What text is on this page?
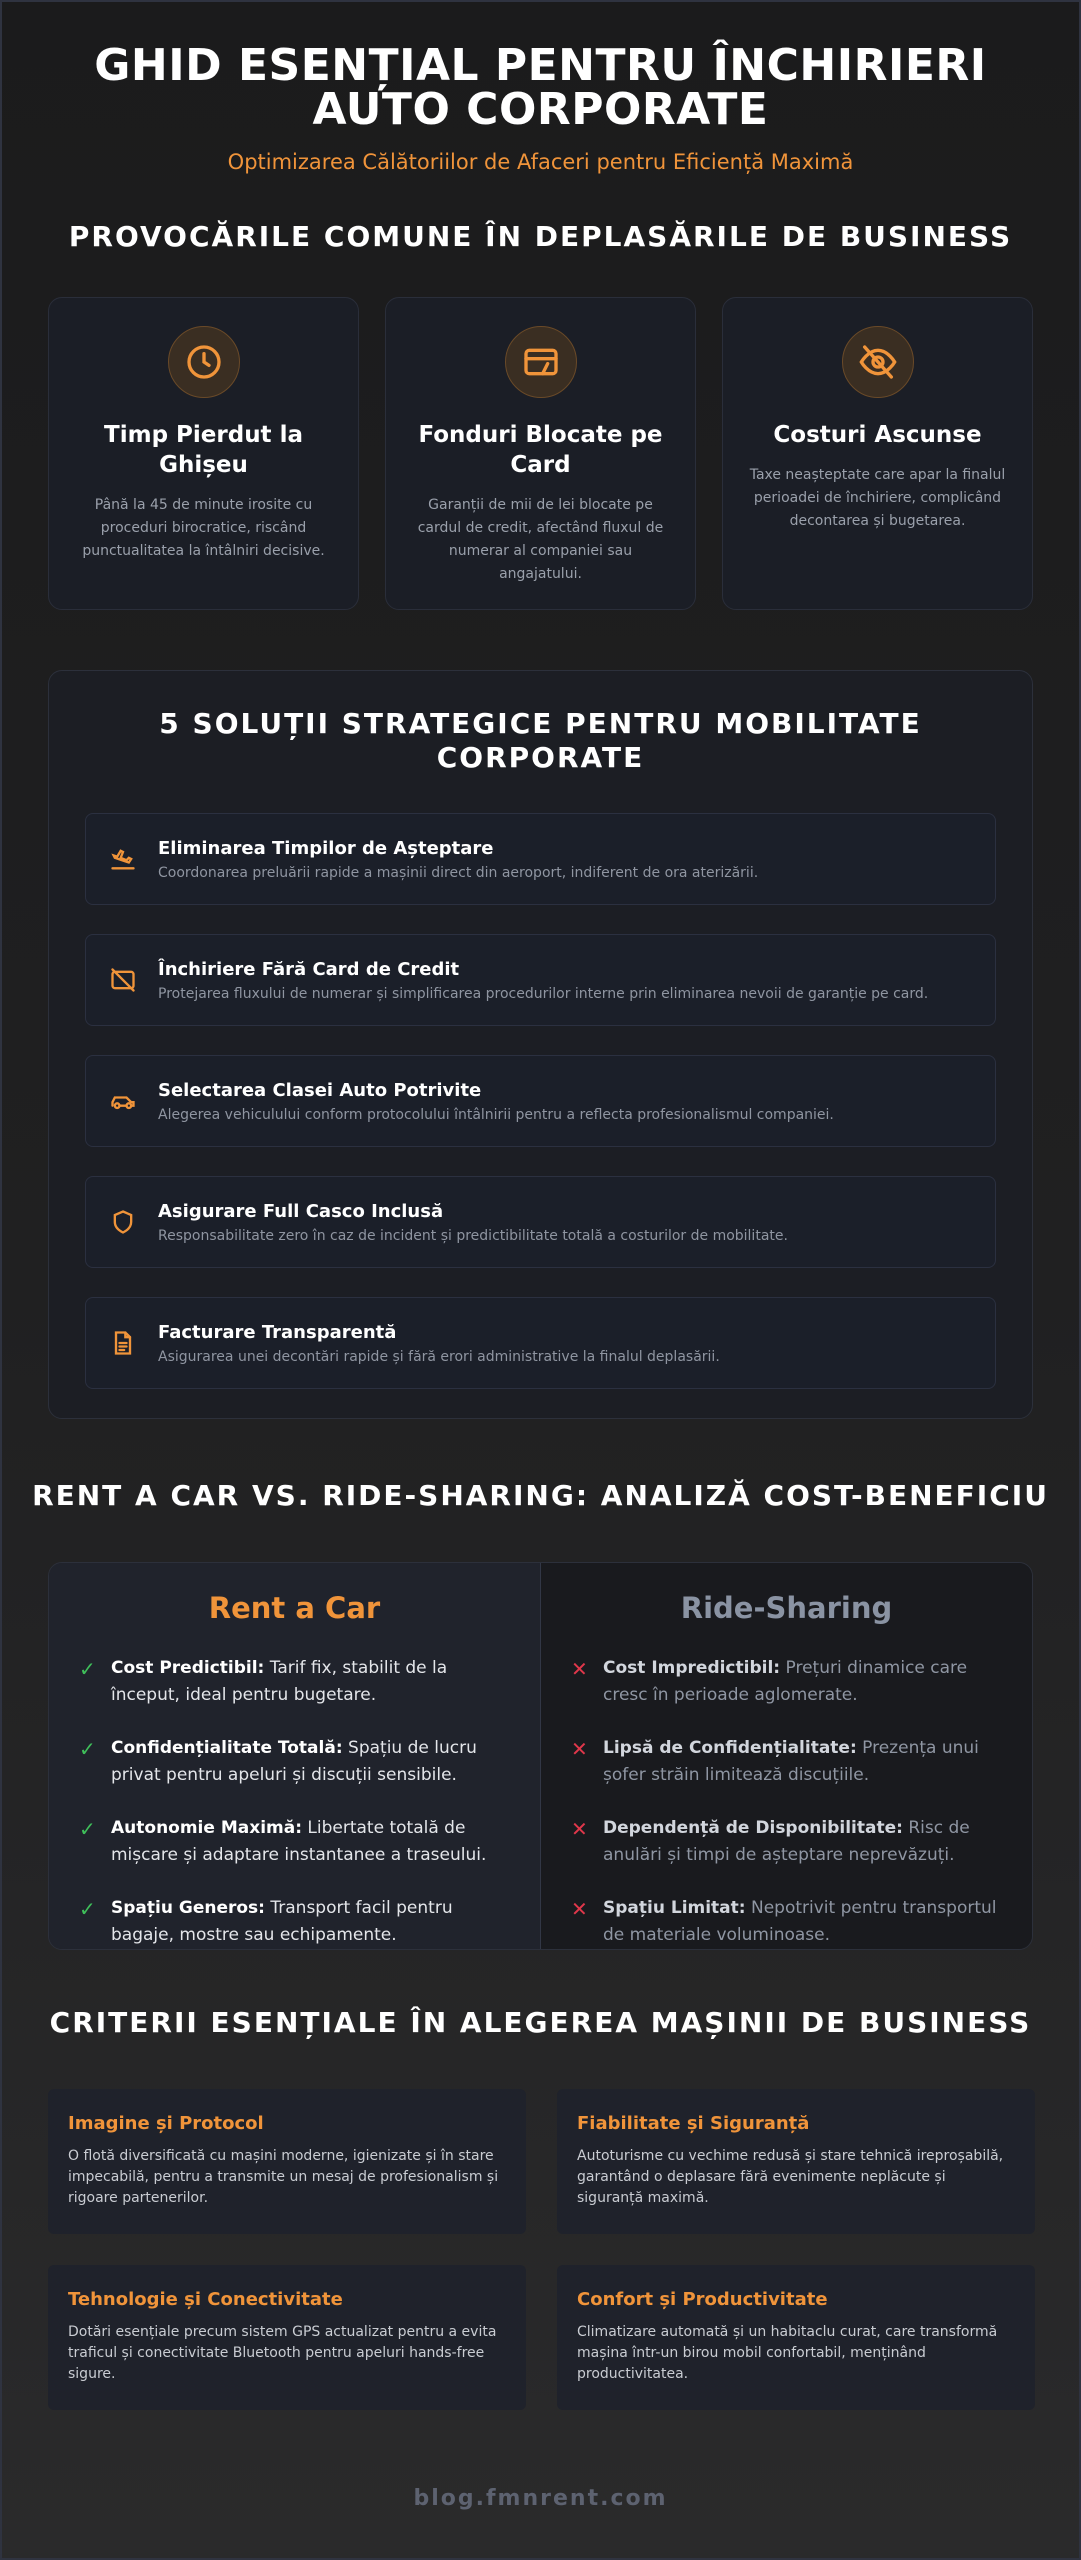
GHID ESENȚIAL PENTRU ÎNCHIRIERI AUTO CORPORATE
Optimizarea Călătoriilor de Afaceri pentru Eficiență Maximă
PROVOCĂRILE COMUNE ÎN DEPLASĂRILE DE BUSINESS
Timp Pierdut la Ghișeu

Până la 45 de minute irosite cu proceduri birocratice, riscând punctualitatea la întâlniri decisive.

Fonduri Blocate pe Card

Garanții de mii de lei blocate pe cardul de credit, afectând fluxul de numerar al companiei sau angajatului.

Costuri Ascunse

Taxe neașteptate care apar la finalul perioadei de închiriere, complicând decontarea și bugetarea.

5 SOLUȚII STRATEGICE PENTRU MOBILITATE CORPORATE
Eliminarea Timpilor de Așteptare
Coordonarea preluării rapide a mașinii direct din aeroport, indiferent de ora aterizării.
Închiriere Fără Card de Credit
Protejarea fluxului de numerar și simplificarea procedurilor interne prin eliminarea nevoii de garanție pe card.
Selectarea Clasei Auto Potrivite
Alegerea vehiculului conform protocolului întâlnirii pentru a reflecta profesionalismul companiei.
Asigurare Full Casco Inclusă
Responsabilitate zero în caz de incident și predictibilitate totală a costurilor de mobilitate.
Facturare Transparentă
Asigurarea unei decontări rapide și fără erori administrative la finalul deplasării.
RENT A CAR VS. RIDE-SHARING: ANALIZĂ COST-BENEFICIU
Rent a Car
✓ Cost Predictibil: Tarif fix, stabilit de la început, ideal pentru bugetare.
✓ Confidențialitate Totală: Spațiu de lucru privat pentru apeluri și discuții sensibile.
✓ Autonomie Maximă: Libertate totală de mișcare și adaptare instantanee a traseului.
✓ Spațiu Generos: Transport facil pentru bagaje, mostre sau echipamente.
Ride-Sharing
✕ Cost Impredictibil: Prețuri dinamice care cresc în perioade aglomerate.
✕ Lipsă de Confidențialitate: Prezența unui șofer străin limitează discuțiile.
✕ Dependență de Disponibilitate: Risc de anulări și timpi de așteptare neprevăzuți.
✕ Spațiu Limitat: Nepotrivit pentru transportul de materiale voluminoase.
CRITERII ESENȚIALE ÎN ALEGEREA MAȘINII DE BUSINESS
Imagine și Protocol
O flotă diversificată cu mașini moderne, igienizate și în stare impecabilă, pentru a transmite un mesaj de profesionalism și rigoare partenerilor.
Fiabilitate și Siguranță
Autoturisme cu vechime redusă și stare tehnică ireproșabilă, garantând o deplasare fără evenimente neplăcute și siguranță maximă.
Tehnologie și Conectivitate
Dotări esențiale precum sistem GPS actualizat pentru a evita traficul și conectivitate Bluetooth pentru apeluri hands-free sigure.
Confort și Productivitate
Climatizare automată și un habitaclu curat, care transformă mașina într-un birou mobil confortabil, menținând productivitatea.
blog.fmnrent.com
